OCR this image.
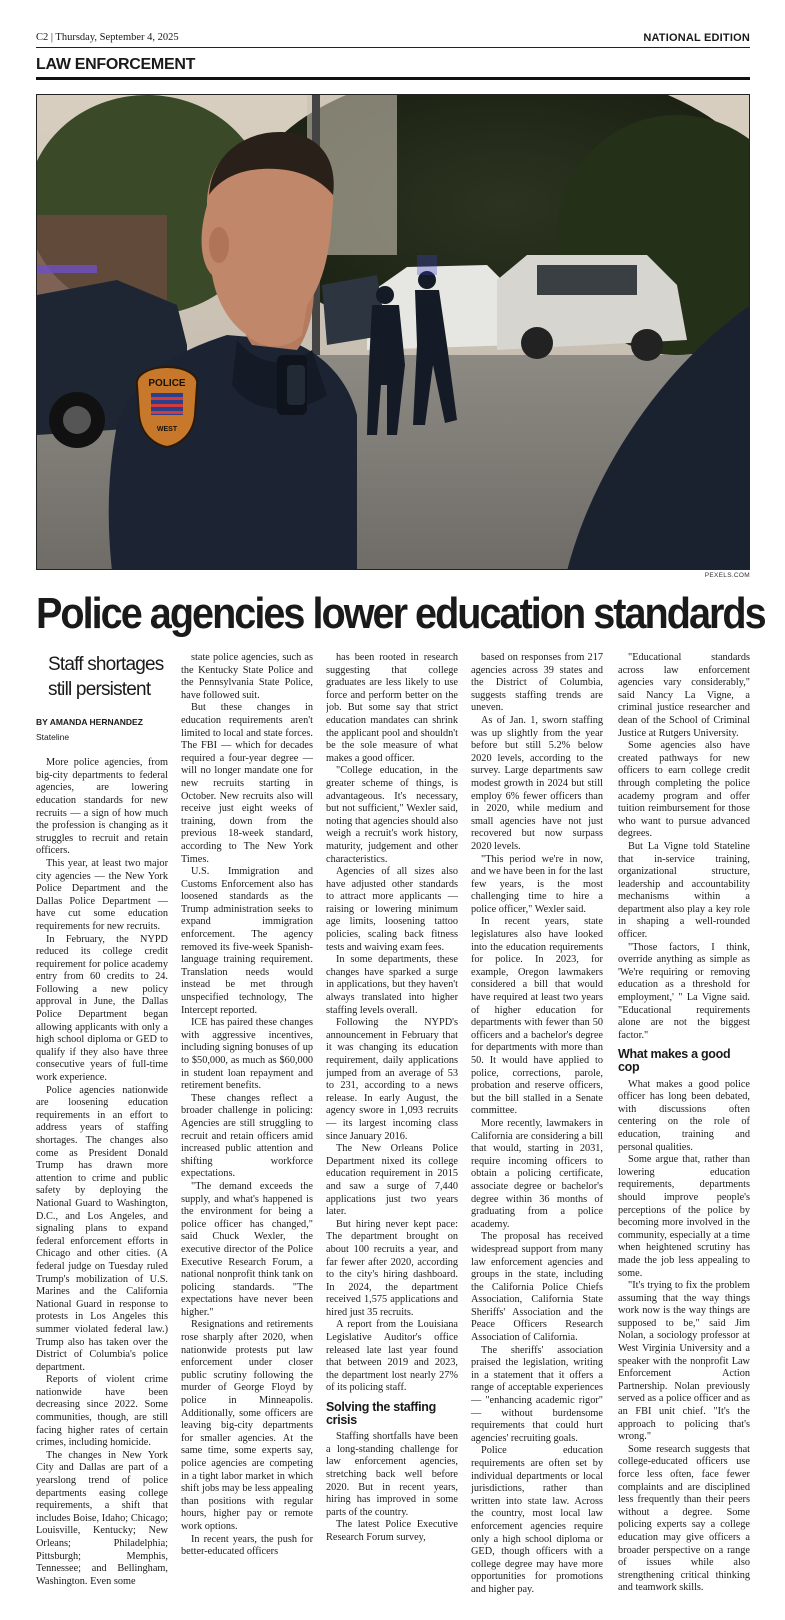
C2 | Thursday, September 4, 2025	NATIONAL EDITION
LAW ENFORCEMENT
POLICE
WEST
PEXELS.COM
Police agencies lower education standards
Staff shortages still persistent
BY AMANDA HERNANDEZ
Stateline

More police agencies, from big-city departments to federal agencies, are lowering education standards for new recruits — a sign of how much the profession is changing as it struggles to recruit and retain officers.

This year, at least two major city agencies — the New York Police Department and the Dallas Police Department — have cut some education requirements for new recruits.

In February, the NYPD reduced its college credit requirement for police academy entry from 60 credits to 24. Following a new policy approval in June, the Dallas Police Department began allowing applicants with only a high school diploma or GED to qualify if they also have three consecutive years of full-time work experience.

Police agencies nationwide are loosening education requirements in an effort to address years of staffing shortages. The changes also come as President Donald Trump has drawn more attention to crime and public safety by deploying the National Guard to Washington, D.C., and Los Angeles, and signaling plans to expand federal enforcement efforts in Chicago and other cities. (A federal judge on Tuesday ruled Trump's mobilization of U.S. Marines and the California National Guard in response to protests in Los Angeles this summer violated federal law.) Trump also has taken over the District of Columbia's police department.

Reports of violent crime nationwide have been decreasing since 2022. Some communities, though, are still facing higher rates of certain crimes, including homicide.

The changes in New York City and Dallas are part of a yearslong trend of police departments easing college requirements, a shift that includes Boise, Idaho; Chicago; Louisville, Kentucky; New Orleans; Philadelphia; Pittsburgh; Memphis, Tennessee; and Bellingham, Washington. Even some

state police agencies, such as the Kentucky State Police and the Pennsylvania State Police, have followed suit.

But these changes in education requirements aren't limited to local and state forces. The FBI — which for decades required a four-year degree — will no longer mandate one for new recruits starting in October. New recruits also will receive just eight weeks of training, down from the previous 18-week standard, according to The New York Times.

U.S. Immigration and Customs Enforcement also has loosened standards as the Trump administration seeks to expand immigration enforcement. The agency removed its five-week Spanish-language training requirement. Translation needs would instead be met through unspecified technology, The Intercept reported.

ICE has paired these changes with aggressive incentives, including signing bonuses of up to $50,000, as much as $60,000 in student loan repayment and retirement benefits.

These changes reflect a broader challenge in policing: Agencies are still struggling to recruit and retain officers amid increased public attention and shifting workforce expectations.

"The demand exceeds the supply, and what's happened is the environment for being a police officer has changed," said Chuck Wexler, the executive director of the Police Executive Research Forum, a national nonprofit think tank on policing standards. "The expectations have never been higher."

Resignations and retirements rose sharply after 2020, when nationwide protests put law enforcement under closer public scrutiny following the murder of George Floyd by police in Minneapolis. Additionally, some officers are leaving big-city departments for smaller agencies. At the same time, some experts say, police agencies are competing in a tight labor market in which shift jobs may be less appealing than positions with regular hours, higher pay or remote work options.

In recent years, the push for better-educated officers

has been rooted in research suggesting that college graduates are less likely to use force and perform better on the job. But some say that strict education mandates can shrink the applicant pool and shouldn't be the sole measure of what makes a good officer.

"College education, in the greater scheme of things, is advantageous. It's necessary, but not sufficient," Wexler said, noting that agencies should also weigh a recruit's work history, maturity, judgement and other characteristics.

Agencies of all sizes also have adjusted other standards to attract more applicants — raising or lowering minimum age limits, loosening tattoo policies, scaling back fitness tests and waiving exam fees.

In some departments, these changes have sparked a surge in applications, but they haven't always translated into higher staffing levels overall.

Following the NYPD's announcement in February that it was changing its education requirement, daily applications jumped from an average of 53 to 231, according to a news release. In early August, the agency swore in 1,093 recruits — its largest incoming class since January 2016.

The New Orleans Police Department nixed its college education requirement in 2015 and saw a surge of 7,440 applications just two years later.

But hiring never kept pace: The department brought on about 100 recruits a year, and far fewer after 2020, according to the city's hiring dashboard. In 2024, the department received 1,575 applications and hired just 35 recruits.

A report from the Louisiana Legislative Auditor's office released late last year found that between 2019 and 2023, the department lost nearly 27% of its policing staff.

Solving the staffing crisis

Staffing shortfalls have been a long-standing challenge for law enforcement agencies, stretching back well before 2020. But in recent years, hiring has improved in some parts of the country.

The latest Police Executive Research Forum survey,

based on responses from 217 agencies across 39 states and the District of Columbia, suggests staffing trends are uneven.

As of Jan. 1, sworn staffing was up slightly from the year before but still 5.2% below 2020 levels, according to the survey. Large departments saw modest growth in 2024 but still employ 6% fewer officers than in 2020, while medium and small agencies have not just recovered but now surpass 2020 levels.

"This period we're in now, and we have been in for the last few years, is the most challenging time to hire a police officer," Wexler said.

In recent years, state legislatures also have looked into the education requirements for police. In 2023, for example, Oregon lawmakers considered a bill that would have required at least two years of higher education for departments with fewer than 50 officers and a bachelor's degree for departments with more than 50. It would have applied to police, corrections, parole, probation and reserve officers, but the bill stalled in a Senate committee.

More recently, lawmakers in California are considering a bill that would, starting in 2031, require incoming officers to obtain a policing certificate, associate degree or bachelor's degree within 36 months of graduating from a police academy.

The proposal has received widespread support from many law enforcement agencies and groups in the state, including the California Police Chiefs Association, California State Sheriffs' Association and the Peace Officers Research Association of California.

The sheriffs' association praised the legislation, writing in a statement that it offers a range of acceptable experiences — "enhancing academic rigor" — without burdensome requirements that could hurt agencies' recruiting goals.

Police education requirements are often set by individual departments or local jurisdictions, rather than written into state law. Across the country, most local law enforcement agencies require only a high school diploma or GED, though officers with a college degree may have more opportunities for promotions and higher pay.

"Educational standards across law enforcement agencies vary considerably," said Nancy La Vigne, a criminal justice researcher and dean of the School of Criminal Justice at Rutgers University.

Some agencies also have created pathways for new officers to earn college credit through completing the police academy program and offer tuition reimbursement for those who want to pursue advanced degrees.

But La Vigne told Stateline that in-service training, organizational structure, leadership and accountability mechanisms within a department also play a key role in shaping a well-rounded officer.

"Those factors, I think, override anything as simple as 'We're requiring or removing education as a threshold for employment,' " La Vigne said. "Educational requirements alone are not the biggest factor."

What makes a good cop

What makes a good police officer has long been debated, with discussions often centering on the role of education, training and personal qualities.

Some argue that, rather than lowering education requirements, departments should improve people's perceptions of the police by becoming more involved in the community, especially at a time when heightened scrutiny has made the job less appealing to some.

"It's trying to fix the problem assuming that the way things work now is the way things are supposed to be," said Jim Nolan, a sociology professor at West Virginia University and a speaker with the nonprofit Law Enforcement Action Partnership. Nolan previously served as a police officer and as an FBI unit chief. "It's the approach to policing that's wrong."

Some research suggests that college-educated officers use force less often, face fewer complaints and are disciplined less frequently than their peers without a degree. Some policing experts say a college education may give officers a broader perspective on a range of issues while also strengthening critical thinking and teamwork skills.
